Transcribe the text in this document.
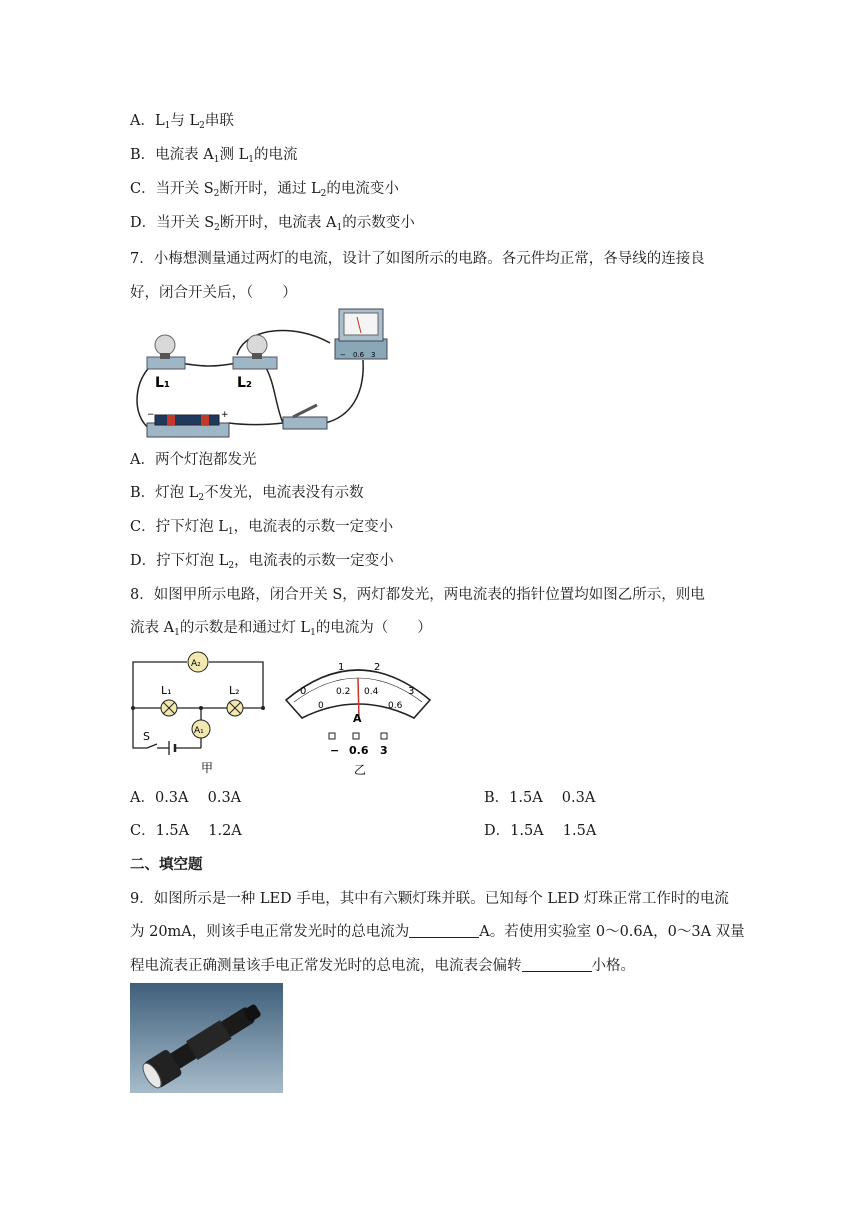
A．$L_1$与 $L_2$串联
B．电流表 $A_1$测 $L_1$的电流
C．当开关 $S_2$断开时，通过 $L_2$的电流变小
D．当开关 $S_2$断开时，电流表 $A_1$的示数变小
7．小梅想测量通过两灯的电流，设计了如图所示的电路。各元件均正常，各导线的连接良
好，闭合开关后，（　　）
L₁	L₂
− 0.6 3
−	+
A．两个灯泡都发光
B．灯泡 $L_2$不发光，电流表没有示数
C．拧下灯泡 $L_1$，电流表的示数一定变小
D．拧下灯泡 $L_2$，电流表的示数一定变小
8．如图甲所示电路，闭合开关 S，两灯都发光，两电流表的指针位置均如图乙所示，则电
流表 $A_1$的示数是和通过灯 $L_1$的电流为（　　）
A₂
A₁
L₁	L₂
S
甲
0
1	2
3
0
0.2 0.4
0.6
A
− 0.6 3
乙
A．0.3A　 0.3A	B．1.5A　 0.3A
C．1.5A　 1.2A	D．1.5A　 1.5A
二、填空题
9．如图所示是一种 LED 手电，其中有六颗灯珠并联。已知每个 LED 灯珠正常工作时的电流
为 20mA，则该手电正常发光时的总电流为	A。若使用实验室 0～0.6A，0～3A 双量
程电流表正确测量该手电正常发光时的总电流，电流表会偏转	小格。
